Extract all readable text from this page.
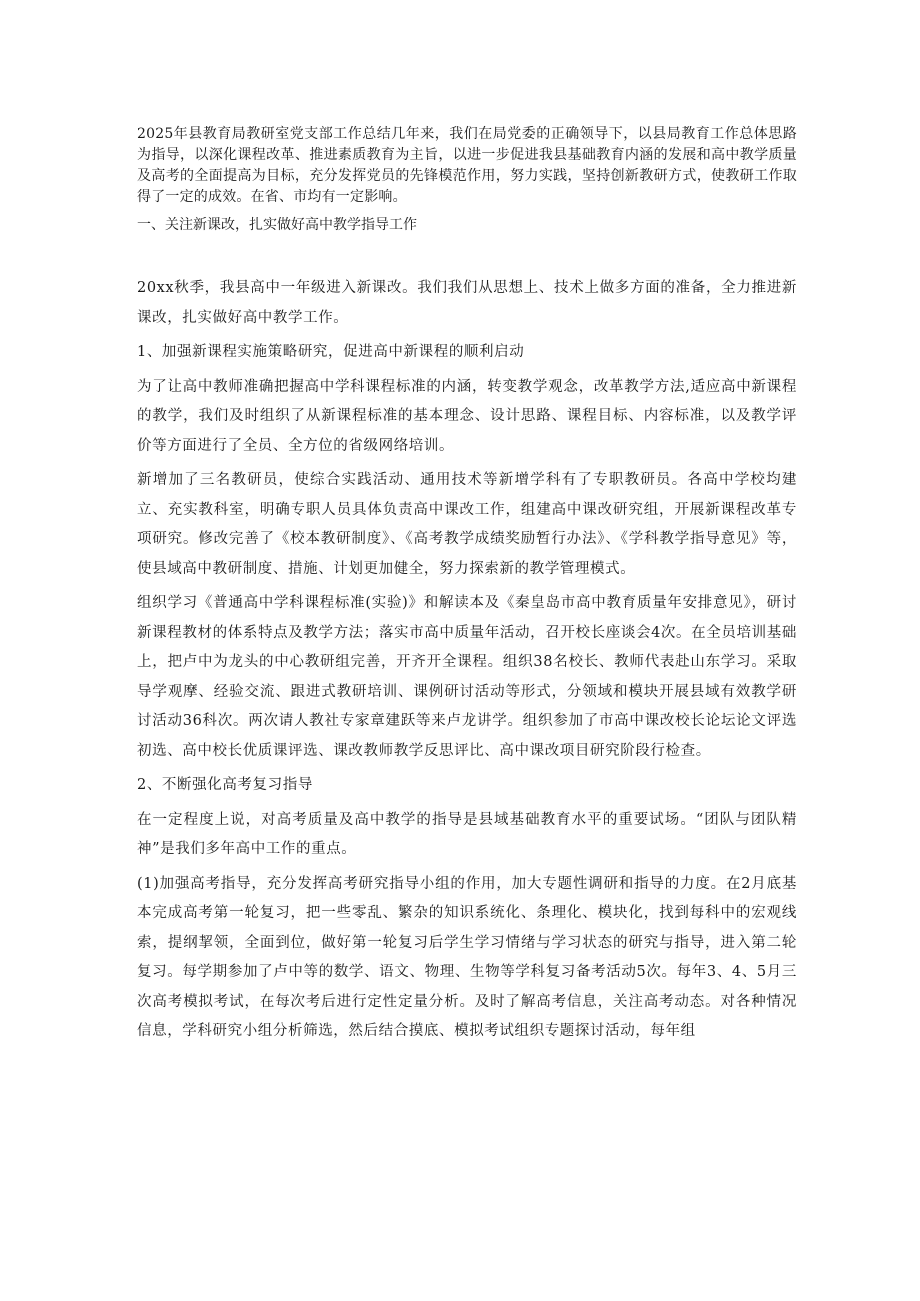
2025年县教育局教研室党支部工作总结几年来，我们在局党委的正确领导下，以县局教育工作总体思路为指导，以深化课程改革、推进素质教育为主旨，以进一步促进我县基础教育内涵的发展和高中教学质量及高考的全面提高为目标，充分发挥党员的先锋模范作用，努力实践，坚持创新教研方式，使教研工作取得了一定的成效。在省、市均有一定影响。

一、关注新课改，扎实做好高中教学指导工作

20xx秋季，我县高中一年级进入新课改。我们我们从思想上、技术上做多方面的准备，全力推进新课改，扎实做好高中教学工作。

1、加强新课程实施策略研究，促进高中新课程的顺利启动

为了让高中教师准确把握高中学科课程标准的内涵，转变教学观念，改革教学方法,适应高中新课程的教学，我们及时组织了从新课程标准的基本理念、设计思路、课程目标、内容标准，以及教学评价等方面进行了全员、全方位的省级网络培训。

新增加了三名教研员，使综合实践活动、通用技术等新增学科有了专职教研员。各高中学校均建立、充实教科室，明确专职人员具体负责高中课改工作，组建高中课改研究组，开展新课程改革专项研究。修改完善了《校本教研制度》、《高考教学成绩奖励暂行办法》、《学科教学指导意见》等，使县域高中教研制度、措施、计划更加健全，努力探索新的教学管理模式。

组织学习《普通高中学科课程标准(实验)》和解读本及《秦皇岛市高中教育质量年安排意见》，研讨新课程教材的体系特点及教学方法；落实市高中质量年活动，召开校长座谈会4次。在全员培训基础上，把卢中为龙头的中心教研组完善，开齐开全课程。组织38名校长、教师代表赴山东学习。采取导学观摩、经验交流、跟进式教研培训、课例研讨活动等形式，分领域和模块开展县域有效教学研讨活动36科次。两次请人教社专家章建跃等来卢龙讲学。组织参加了市高中课改校长论坛论文评选初选、高中校长优质课评选、课改教师教学反思评比、高中课改项目研究阶段行检查。

2、不断强化高考复习指导

在一定程度上说，对高考质量及高中教学的指导是县域基础教育水平的重要试场。“团队与团队精神”是我们多年高中工作的重点。

(1)加强高考指导，充分发挥高考研究指导小组的作用，加大专题性调研和指导的力度。在2月底基本完成高考第一轮复习，把一些零乱、繁杂的知识系统化、条理化、模块化，找到每科中的宏观线索，提纲挈领，全面到位，做好第一轮复习后学生学习情绪与学习状态的研究与指导，进入第二轮复习。每学期参加了卢中等的数学、语文、物理、生物等学科复习备考活动5次。每年3、4、5月三次高考模拟考试，在每次考后进行定性定量分析。及时了解高考信息，关注高考动态。对各种情况信息，学科研究小组分析筛选，然后结合摸底、模拟考试组织专题探讨活动，每年组
